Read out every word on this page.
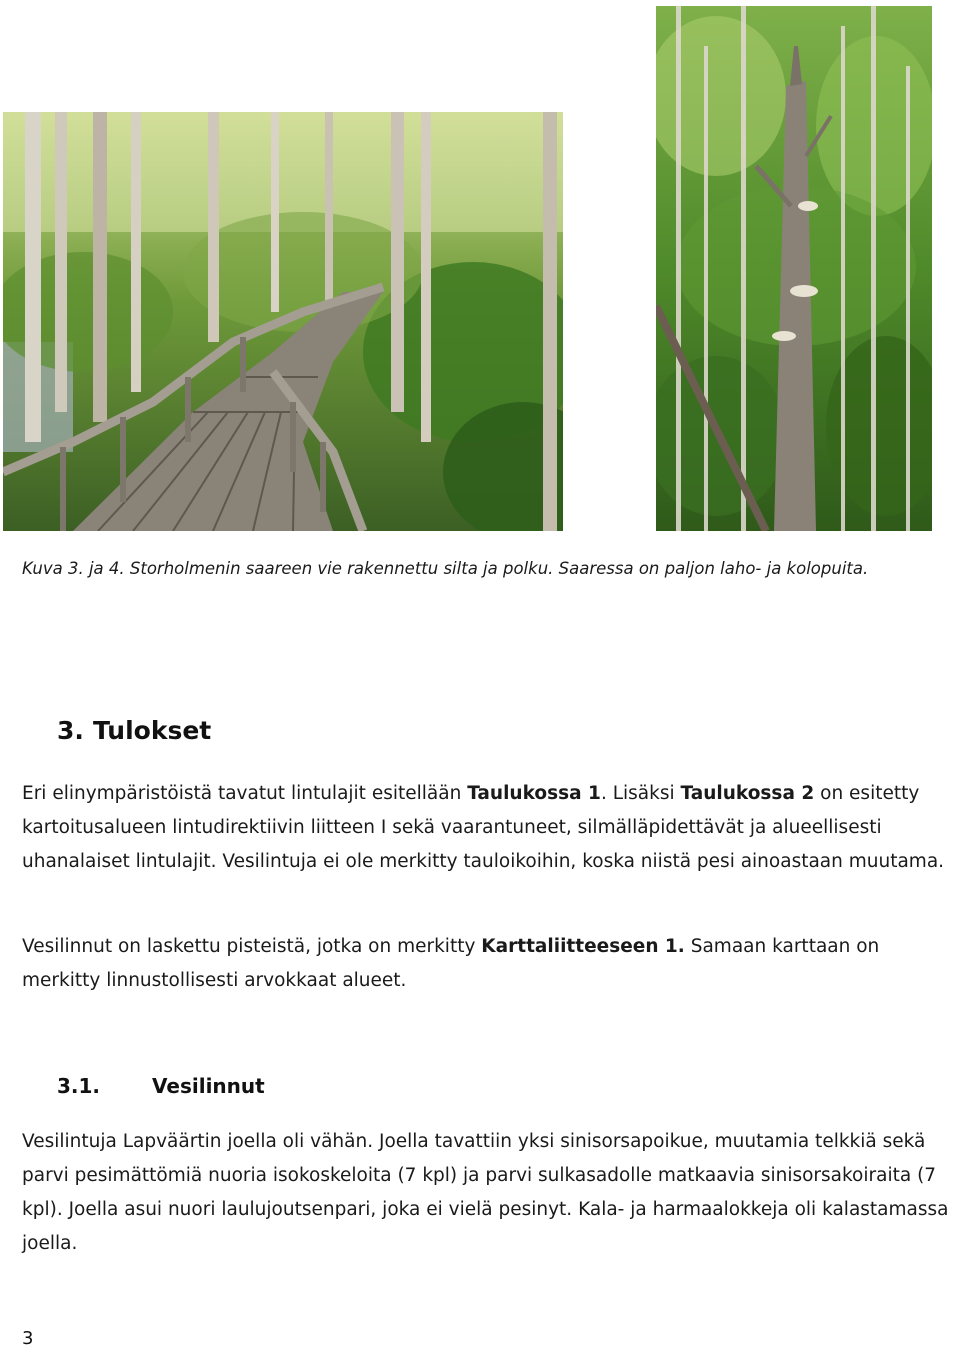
Kuva 3. ja 4. Storholmenin saareen vie rakennettu silta ja polku. Saaressa on paljon laho- ja kolopuita.
3. Tulokset
Eri elinympäristöistä tavatut lintulajit esitellään Taulukossa 1. Lisäksi Taulukossa 2 on esitetty kartoitusalueen lintudirektiivin liitteen I sekä vaarantuneet, silmälläpidettävät ja alueellisesti uhanalaiset lintulajit. Vesilintuja ei ole merkitty tauloikoihin, koska niistä pesi ainoastaan muutama.
Vesilinnut on laskettu pisteistä, jotka on merkitty Karttaliitteeseen 1. Samaan karttaan on merkitty linnustollisesti arvokkaat alueet.
3.1.	Vesilinnut
Vesilintuja Lapväärtin joella oli vähän. Joella tavattiin yksi sinisorsapoikue, muutamia telkkiä sekä parvi pesimättömiä nuoria isokoskeloita (7 kpl) ja parvi sulkasadolle matkaavia sinisorsakoiraita (7 kpl). Joella asui nuori laulujoutsenpari, joka ei vielä pesinyt. Kala- ja harmaalokkeja oli kalastamassa joella.
3
